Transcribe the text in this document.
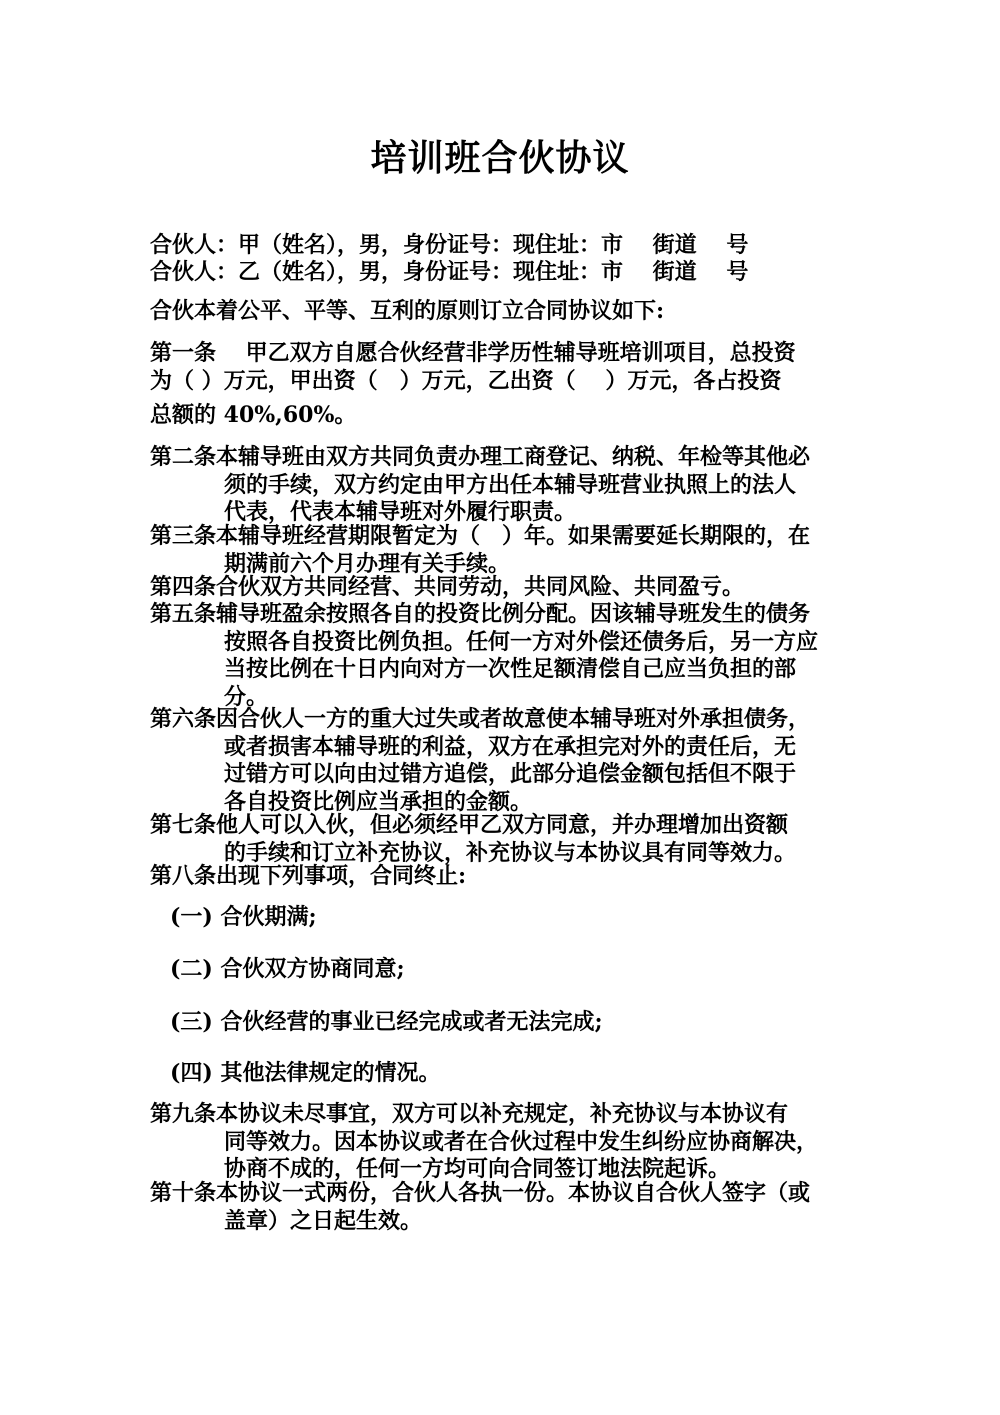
培训班合伙协议

合伙人：甲（姓名），男，身份证号：现住址：市　 街道　 号

合伙人：乙（姓名），男，身份证号：现住址：市　 街道　 号

合伙本着公平、平等、互利的原则订立合同协议如下:

第一条　 甲乙双方自愿合伙经营非学历性辅导班培训项目，总投资
为（ ）万元，甲出资（　）万元，乙出资（　 ）万元，各占投资

总额的 40%,60%。

第二条本辅导班由双方共同负责办理工商登记、纳税、年检等其他必
须的手续，双方约定由甲方出任本辅导班营业执照上的法人
代表，代表本辅导班对外履行职责。
第三条本辅导班经营期限暂定为（　）年。如果需要延长期限的，在
期满前六个月办理有关手续。
第四条合伙双方共同经营、共同劳动，共同风险、共同盈亏。
第五条辅导班盈余按照各自的投资比例分配。因该辅导班发生的债务
按照各自投资比例负担。任何一方对外偿还债务后，另一方应
当按比例在十日内向对方一次性足额清偿自己应当负担的部
分。
第六条因合伙人一方的重大过失或者故意使本辅导班对外承担债务，
或者损害本辅导班的利益，双方在承担完对外的责任后，无
过错方可以向由过错方追偿，此部分追偿金额包括但不限于
各自投资比例应当承担的金额。
第七条他人可以入伙，但必须经甲乙双方同意，并办理增加出资额
的手续和订立补充协议，补充协议与本协议具有同等效力。
第八条出现下列事项，合同终止:

(一) 合伙期满;

(二) 合伙双方协商同意;

(三) 合伙经营的事业已经完成或者无法完成;

(四) 其他法律规定的情况。

第九条本协议未尽事宜，双方可以补充规定，补充协议与本协议有
同等效力。因本协议或者在合伙过程中发生纠纷应协商解决，
协商不成的，任何一方均可向合同签订地法院起诉。
第十条本协议一式两份，合伙人各执一份。本协议自合伙人签字（或
盖章）之日起生效。
